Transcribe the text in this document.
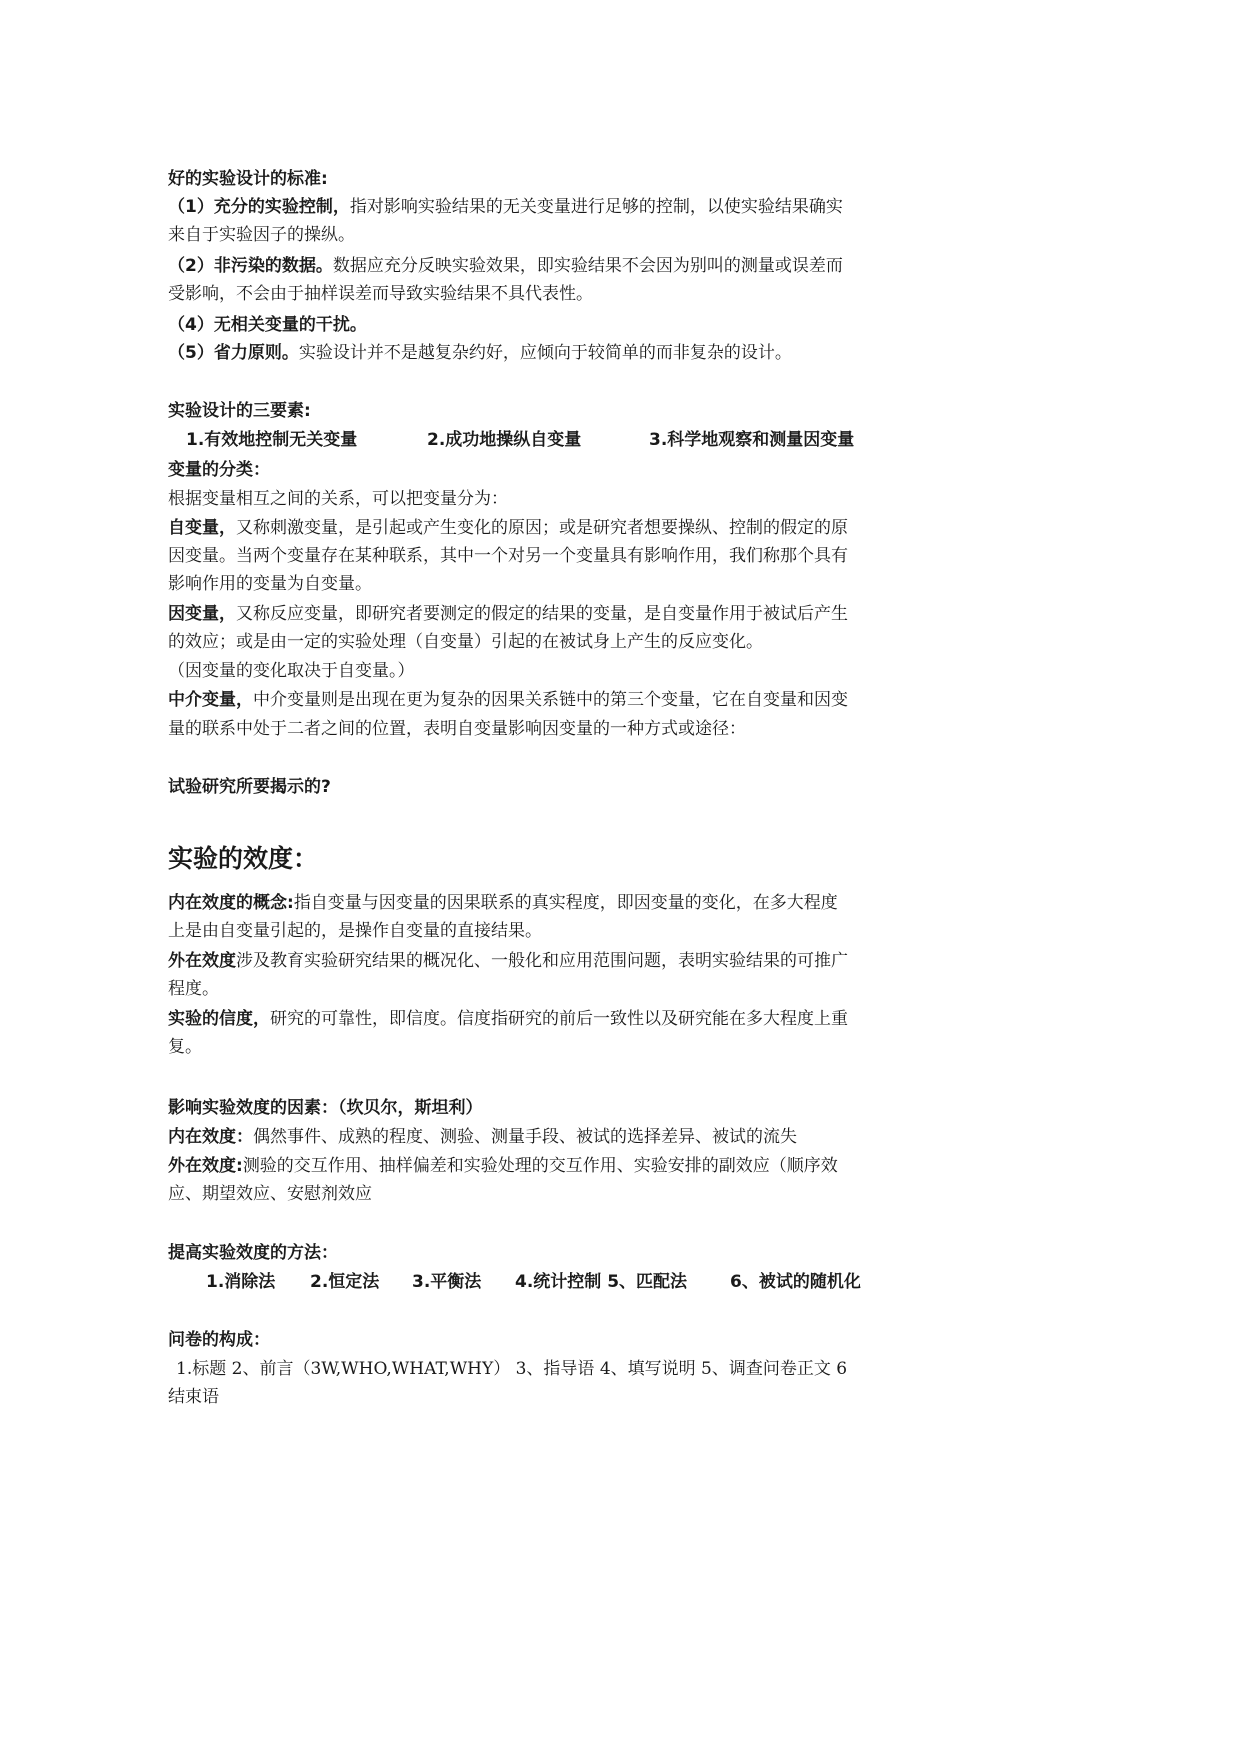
好的实验设计的标准:
（1）充分的实验控制，指对影响实验结果的无关变量进行足够的控制，以使实验结果确实
来自于实验因子的操纵。
（2）非污染的数据。数据应充分反映实验效果，即实验结果不会因为别叫的测量或误差而
受影响，不会由于抽样误差而导致实验结果不具代表性。
（4）无相关变量的干扰。
（5）省力原则。实验设计并不是越复杂约好，应倾向于较简单的而非复杂的设计。
实验设计的三要素:
1.有效地控制无关变量	2.成功地操纵自变量	3.科学地观察和测量因变量
变量的分类：
根据变量相互之间的关系，可以把变量分为：
自变量，又称刺激变量，是引起或产生变化的原因；或是研究者想要操纵、控制的假定的原
因变量。当两个变量存在某种联系，其中一个对另一个变量具有影响作用，我们称那个具有
影响作用的变量为自变量。
因变量，又称反应变量，即研究者要测定的假定的结果的变量，是自变量作用于被试后产生
的效应；或是由一定的实验处理（自变量）引起的在被试身上产生的反应变化。
（因变量的变化取决于自变量。）
中介变量，中介变量则是出现在更为复杂的因果关系链中的第三个变量，它在自变量和因变
量的联系中处于二者之间的位置，表明自变量影响因变量的一种方式或途径：
试验研究所要揭示的?
实验的效度：
内在效度的概念:指自变量与因变量的因果联系的真实程度，即因变量的变化，在多大程度
上是由自变量引起的，是操作自变量的直接结果。
外在效度涉及教育实验研究结果的概况化、一般化和应用范围问题，表明实验结果的可推广
程度。
实验的信度，研究的可靠性，即信度。信度指研究的前后一致性以及研究能在多大程度上重
复。
影响实验效度的因素：（坎贝尔，斯坦利）
内在效度：偶然事件、成熟的程度、测验、测量手段、被试的选择差异、被试的流失
外在效度:测验的交互作用、抽样偏差和实验处理的交互作用、实验安排的副效应（顺序效
应、期望效应、安慰剂效应
提高实验效度的方法：
1.消除法 2.恒定法 3.平衡法 4.统计控制 5、匹配法	6、被试的随机化
问卷的构成：
1.标题 2、前言（3W,WHO,WHAT,WHY） 3、指导语 4、填写说明 5、调查问卷正文 6
结束语
